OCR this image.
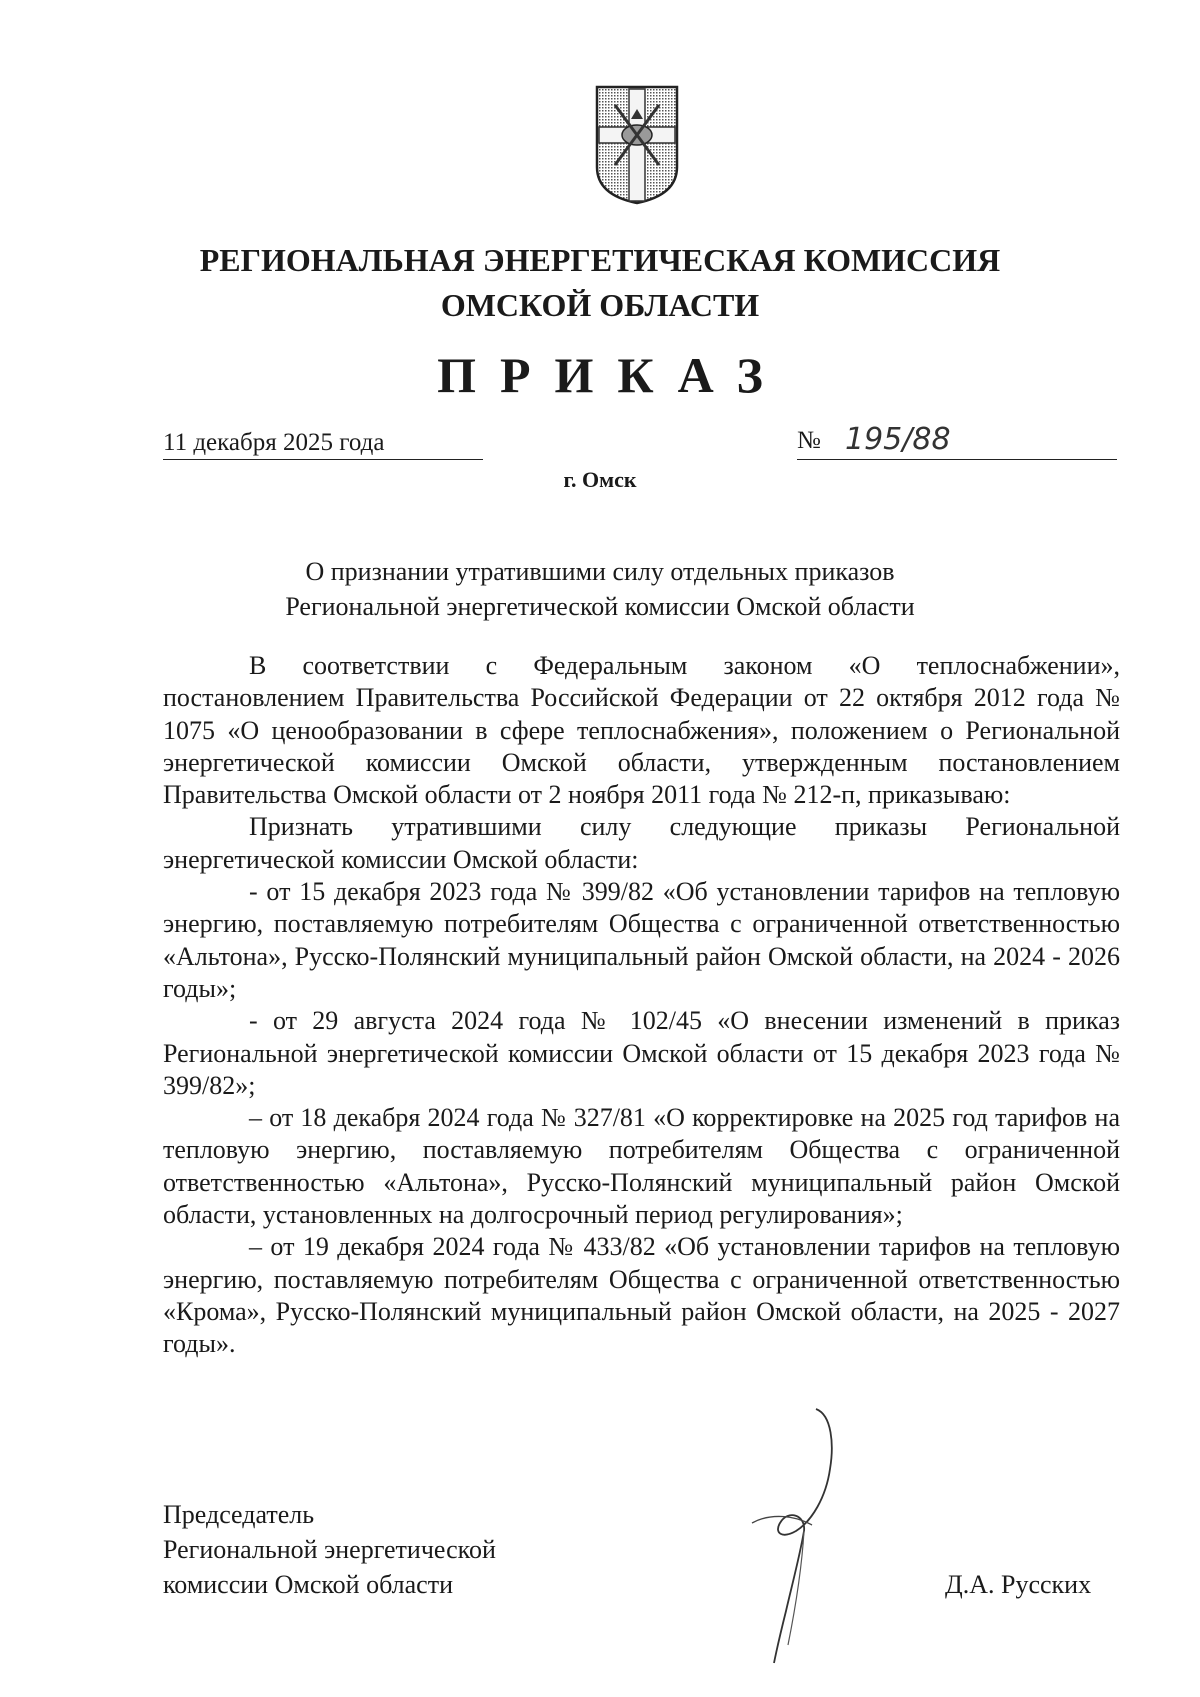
РЕГИОНАЛЬНАЯ ЭНЕРГЕТИЧЕСКАЯ КОМИССИЯ
ОМСКОЙ ОБЛАСТИ
ПРИКАЗ
11 декабря 2025 года	№ 195/88
г. Омск
О признании утратившими силу отдельных приказов
Региональной энергетической комиссии Омской области

В соответствии с Федеральным законом «О теплоснабжении», постановлением Правительства Российской Федерации от 22 октября 2012 года № 1075 «О ценообразовании в сфере теплоснабжения», положением о Региональной энергетической комиссии Омской области, утвержденным постановлением Правительства Омской области от 2 ноября 2011 года № 212-п, приказываю:

Признать утратившими силу следующие приказы Региональной энергетической комиссии Омской области:

- от 15 декабря 2023 года № 399/82 «Об установлении тарифов на тепловую энергию, поставляемую потребителям Общества с ограниченной ответственностью «Альтона», Русско-Полянский муниципальный район Омской области, на 2024 - 2026 годы»;

- от 29 августа 2024 года № 102/45 «О внесении изменений в приказ Региональной энергетической комиссии Омской области от 15 декабря 2023 года № 399/82»;

– от 18 декабря 2024 года № 327/81 «О корректировке на 2025 год тарифов на тепловую энергию, поставляемую потребителям Общества с ограниченной ответственностью «Альтона», Русско-Полянский муниципальный район Омской области, установленных на долгосрочный период регулирования»;

– от 19 декабря 2024 года № 433/82 «Об установлении тарифов на тепловую энергию, поставляемую потребителям Общества с ограниченной ответственностью «Крома», Русско-Полянский муниципальный район Омской области, на 2025 - 2027 годы».

Председатель
Региональной энергетической
комиссии Омской области	Д.А. Русских
